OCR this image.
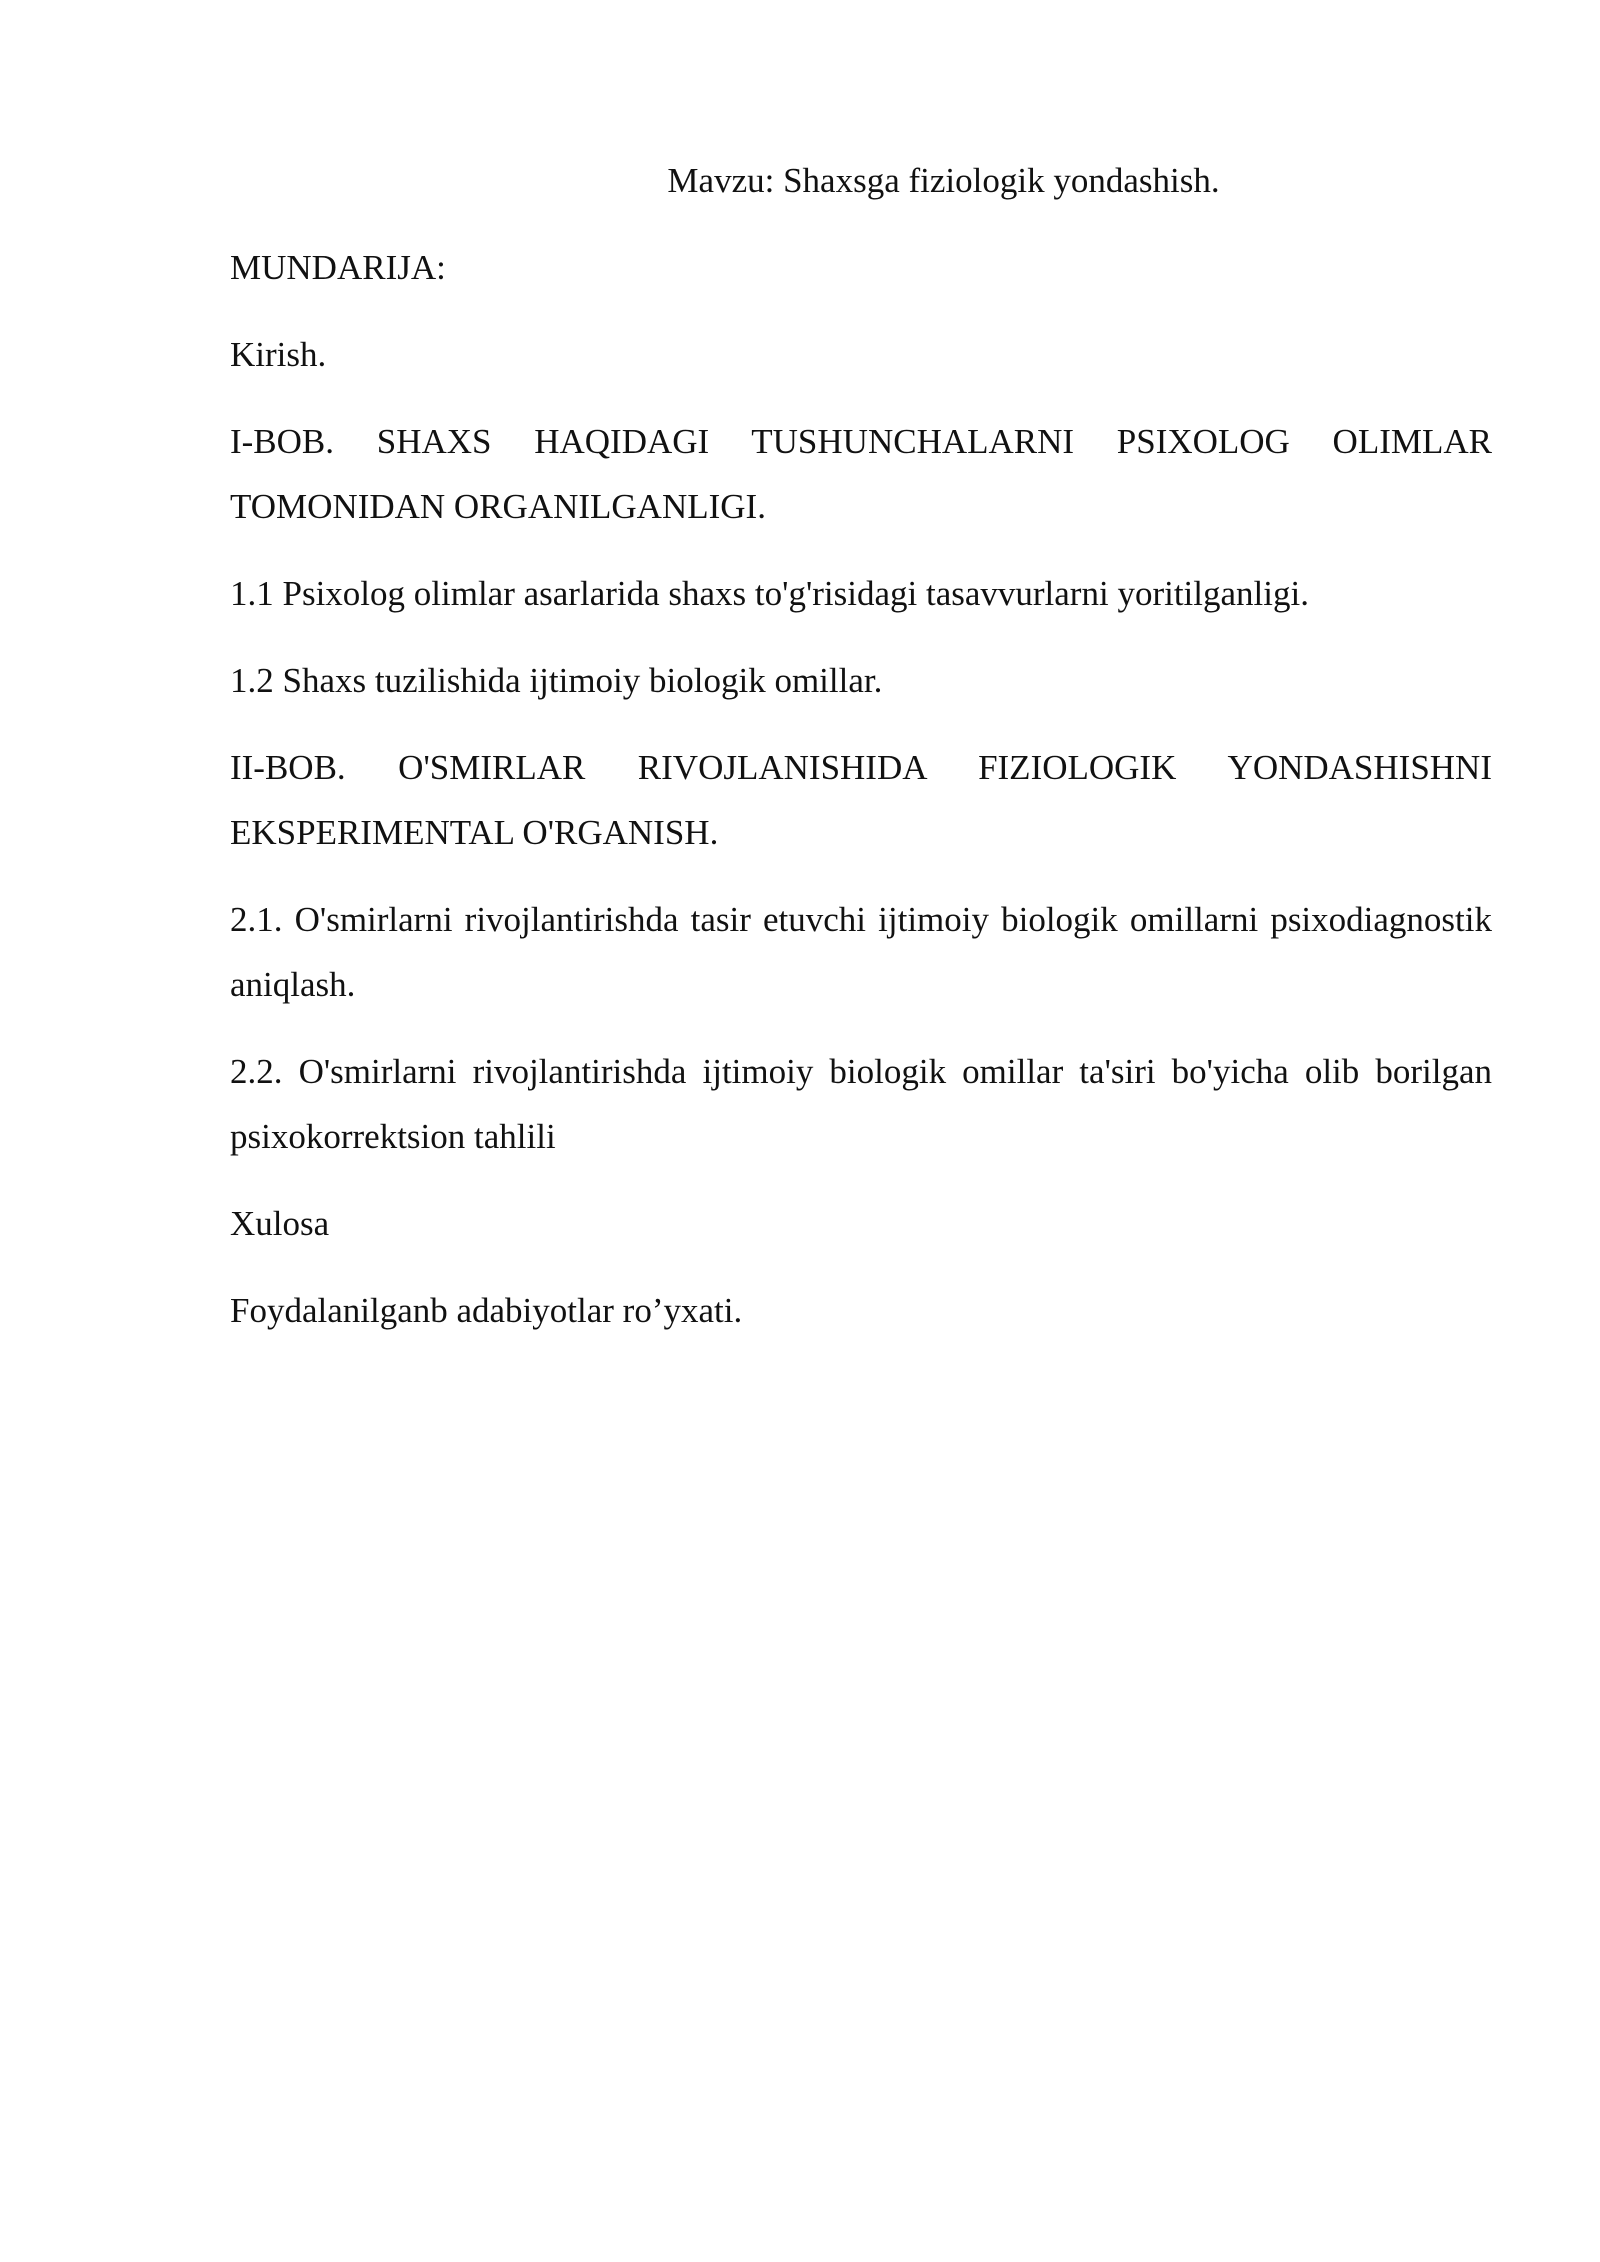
Mavzu: Shaxsga fiziologik yondashish.

MUNDARIJA:

Kirish.

I-BOB. SHAXS HAQIDAGI TUSHUNCHALARNI PSIXOLOG OLIMLAR TOMONIDAN ORGANILGANLIGI.

1.1 Psixolog olimlar asarlarida shaxs to'g'risidagi tasavvurlarni yoritilganligi.

1.2 Shaxs tuzilishida ijtimoiy biologik omillar.

II-BOB. O'SMIRLAR RIVOJLANISHIDA FIZIOLOGIK YONDASHISHNI EKSPERIMENTAL O'RGANISH.

2.1. O'smirlarni rivojlantirishda tasir etuvchi ijtimoiy biologik omillarni psixodiagnostik aniqlash.

2.2. O'smirlarni rivojlantirishda ijtimoiy biologik omillar ta'siri bo'yicha olib borilgan psixokorrektsion tahlili

Xulosa

Foydalanilganb adabiyotlar ro’yxati.
